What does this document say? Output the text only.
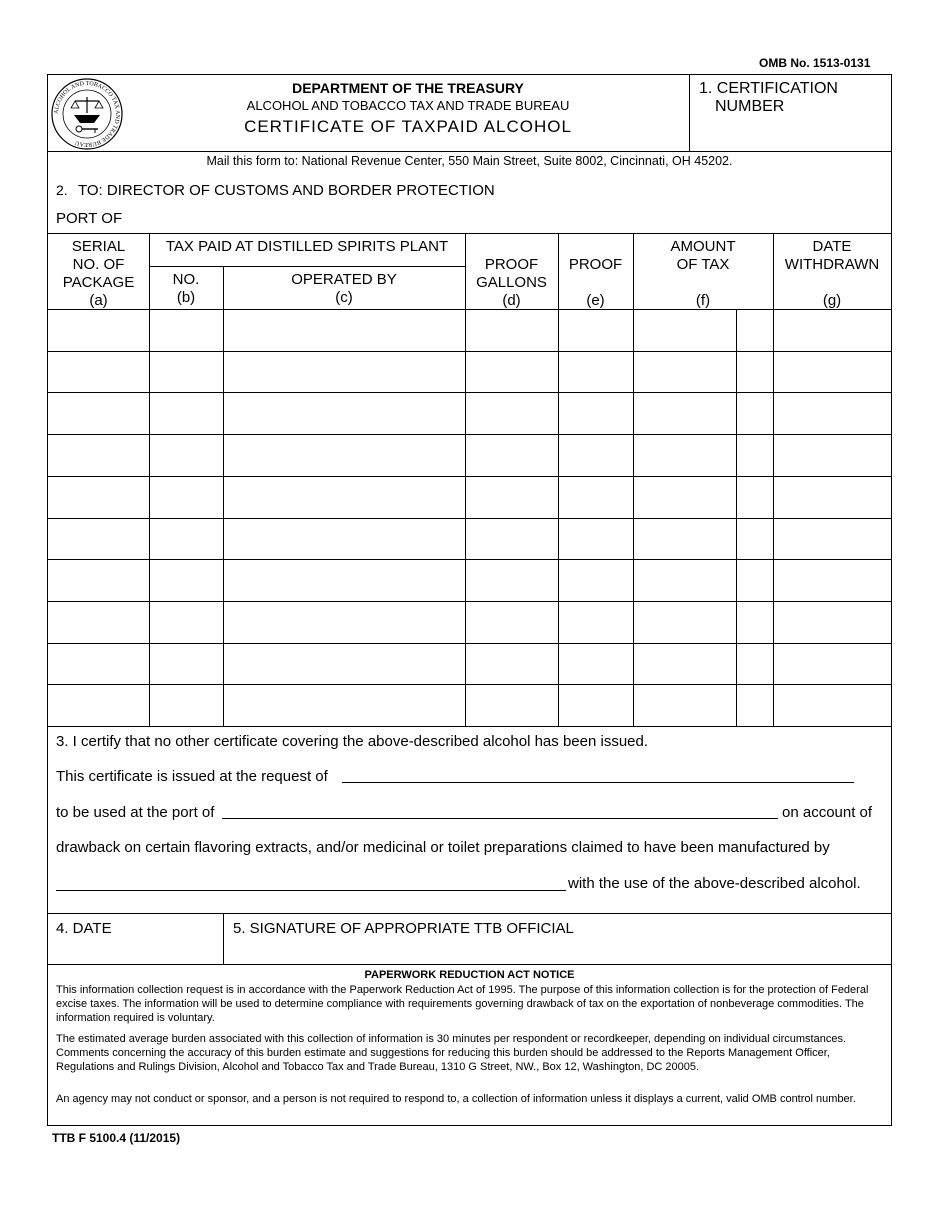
OMB No. 1513-0131
ALCOHOL AND TOBACCO TAX AND TRADE BUREAU
DEPARTMENT OF THE TREASURY
ALCOHOL AND TOBACCO TAX AND TRADE BUREAU
CERTIFICATE OF TAXPAID ALCOHOL
1. CERTIFICATION
NUMBER
Mail this form to: National Revenue Center, 550 Main Street, Suite 8002, Cincinnati, OH 45202.
2. TO: DIRECTOR OF CUSTOMS AND BORDER PROTECTION
PORT OF
SERIAL
NO. OF
PACKAGE
(a)
TAX PAID AT DISTILLED SPIRITS PLANT
NO.
(b)
OPERATED BY
(c)
PROOF
GALLONS
(d)
PROOF
(e)
AMOUNT
OF TAX
(f)
DATE
WITHDRAWN
(g)
3. I certify that no other certificate covering the above-described alcohol has been issued.
This certificate is issued at the request of
to be used at the port of	on account of
drawback on certain flavoring extracts, and/or medicinal or toilet preparations claimed to have been manufactured by
with the use of the above-described alcohol.
4. DATE	5. SIGNATURE OF APPROPRIATE TTB OFFICIAL
PAPERWORK REDUCTION ACT NOTICE
This information collection request is in accordance with the Paperwork Reduction Act of 1995. The purpose of this information collection is for the protection of Federal excise taxes. The information will be used to determine compliance with requirements governing drawback of tax on the exportation of nonbeverage commodities. The information required is voluntary.
The estimated average burden associated with this collection of information is 30 minutes per respondent or recordkeeper, depending on individual circumstances. Comments concerning the accuracy of this burden estimate and suggestions for reducing this burden should be addressed to the Reports Management Officer, Regulations and Rulings Division, Alcohol and Tobacco Tax and Trade Bureau, 1310 G Street, NW., Box 12, Washington, DC 20005.
An agency may not conduct or sponsor, and a person is not required to respond to, a collection of information unless it displays a current, valid OMB control number.
TTB F 5100.4 (11/2015)
